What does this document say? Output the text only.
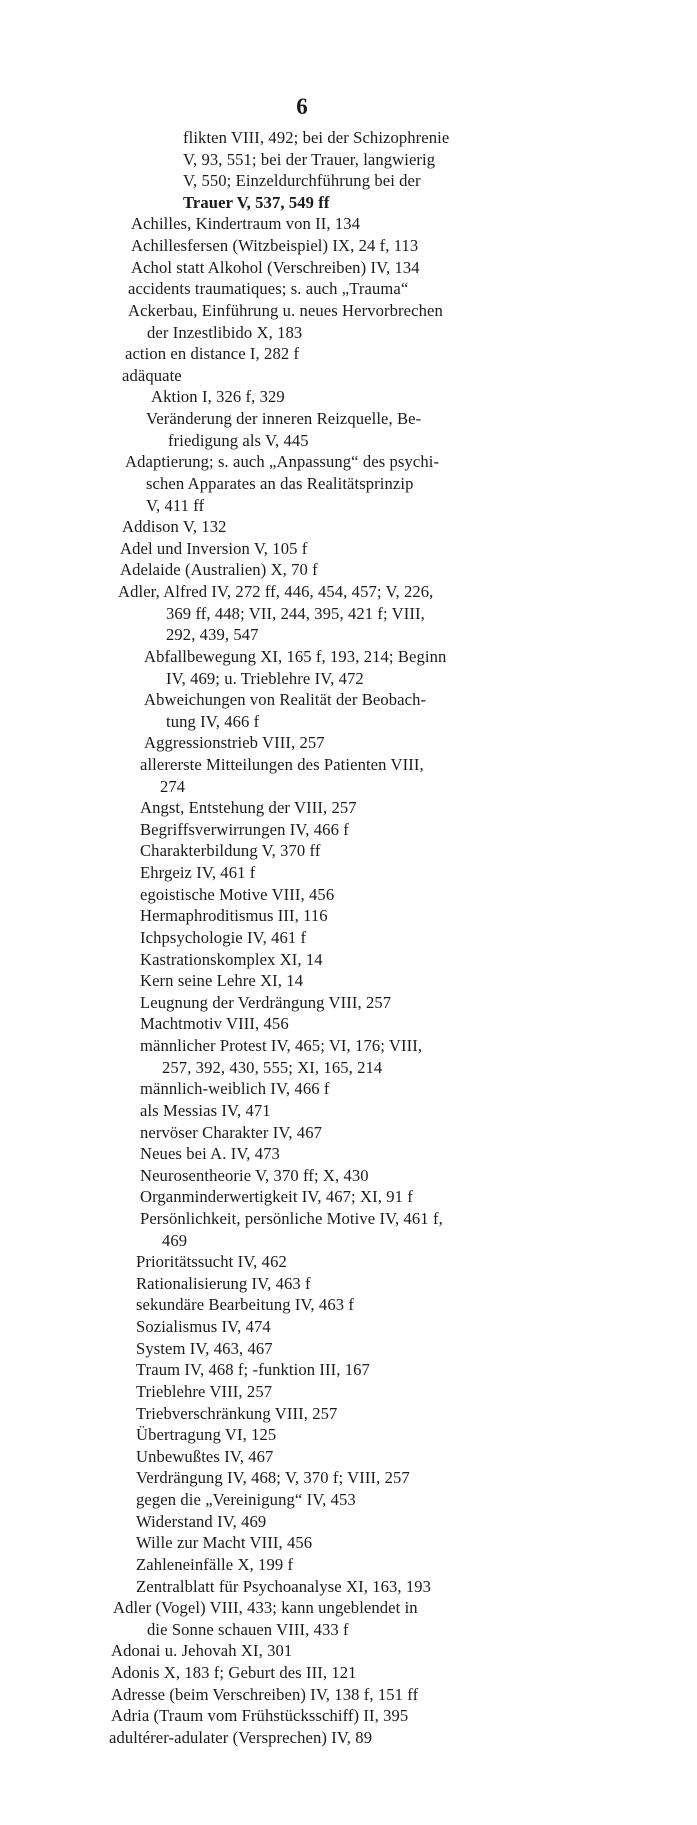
6
flikten VIII, 492; bei der Schizophrenie
V, 93, 551; bei der Trauer, langwierig
V, 550; Einzeldurchführung bei der
Trauer V, 537, 549 ff
Achilles, Kindertraum von II, 134
Achillesfersen (Witzbeispiel) IX, 24 f, 113
Achol statt Alkohol (Verschreiben) IV, 134
accidents traumatiques; s. auch „Trauma“
Ackerbau, Einführung u. neues Hervorbrechen
der Inzestlibido X, 183
action en distance I, 282 f
adäquate
Aktion I, 326 f, 329
Veränderung der inneren Reizquelle, Be-
friedigung als V, 445
Adaptierung; s. auch „Anpassung“ des psychi-
schen Apparates an das Realitätsprinzip
V, 411 ff
Addison V, 132
Adel und Inversion V, 105 f
Adelaide (Australien) X, 70 f
Adler, Alfred IV, 272 ff, 446, 454, 457; V, 226,
369 ff, 448; VII, 244, 395, 421 f; VIII,
292, 439, 547
Abfallbewegung XI, 165 f, 193, 214; Beginn
IV, 469; u. Trieblehre IV, 472
Abweichungen von Realität der Beobach-
tung IV, 466 f
Aggressionstrieb VIII, 257
allererste Mitteilungen des Patienten VIII,
274
Angst, Entstehung der VIII, 257
Begriffsverwirrungen IV, 466 f
Charakterbildung V, 370 ff
Ehrgeiz IV, 461 f
egoistische Motive VIII, 456
Hermaphroditismus III, 116
Ichpsychologie IV, 461 f
Kastrationskomplex XI, 14
Kern seine Lehre XI, 14
Leugnung der Verdrängung VIII, 257
Machtmotiv VIII, 456
männlicher Protest IV, 465; VI, 176; VIII,
257, 392, 430, 555; XI, 165, 214
männlich-weiblich IV, 466 f
als Messias IV, 471
nervöser Charakter IV, 467
Neues bei A. IV, 473
Neurosentheorie V, 370 ff; X, 430
Organminderwertigkeit IV, 467; XI, 91 f
Persönlichkeit, persönliche Motive IV, 461 f,
469
Prioritätssucht IV, 462
Rationalisierung IV, 463 f
sekundäre Bearbeitung IV, 463 f
Sozialismus IV, 474
System IV, 463, 467
Traum IV, 468 f; -funktion III, 167
Trieblehre VIII, 257
Triebverschränkung VIII, 257
Übertragung VI, 125
Unbewußtes IV, 467
Verdrängung IV, 468; V, 370 f; VIII, 257
gegen die „Vereinigung“ IV, 453
Widerstand IV, 469
Wille zur Macht VIII, 456
Zahleneinfälle X, 199 f
Zentralblatt für Psychoanalyse XI, 163, 193
Adler (Vogel) VIII, 433; kann ungeblendet in
die Sonne schauen VIII, 433 f
Adonai u. Jehovah XI, 301
Adonis X, 183 f; Geburt des III, 121
Adresse (beim Verschreiben) IV, 138 f, 151 ff
Adria (Traum vom Frühstücksschiff) II, 395
adultérer-adulater (Versprechen) IV, 89
